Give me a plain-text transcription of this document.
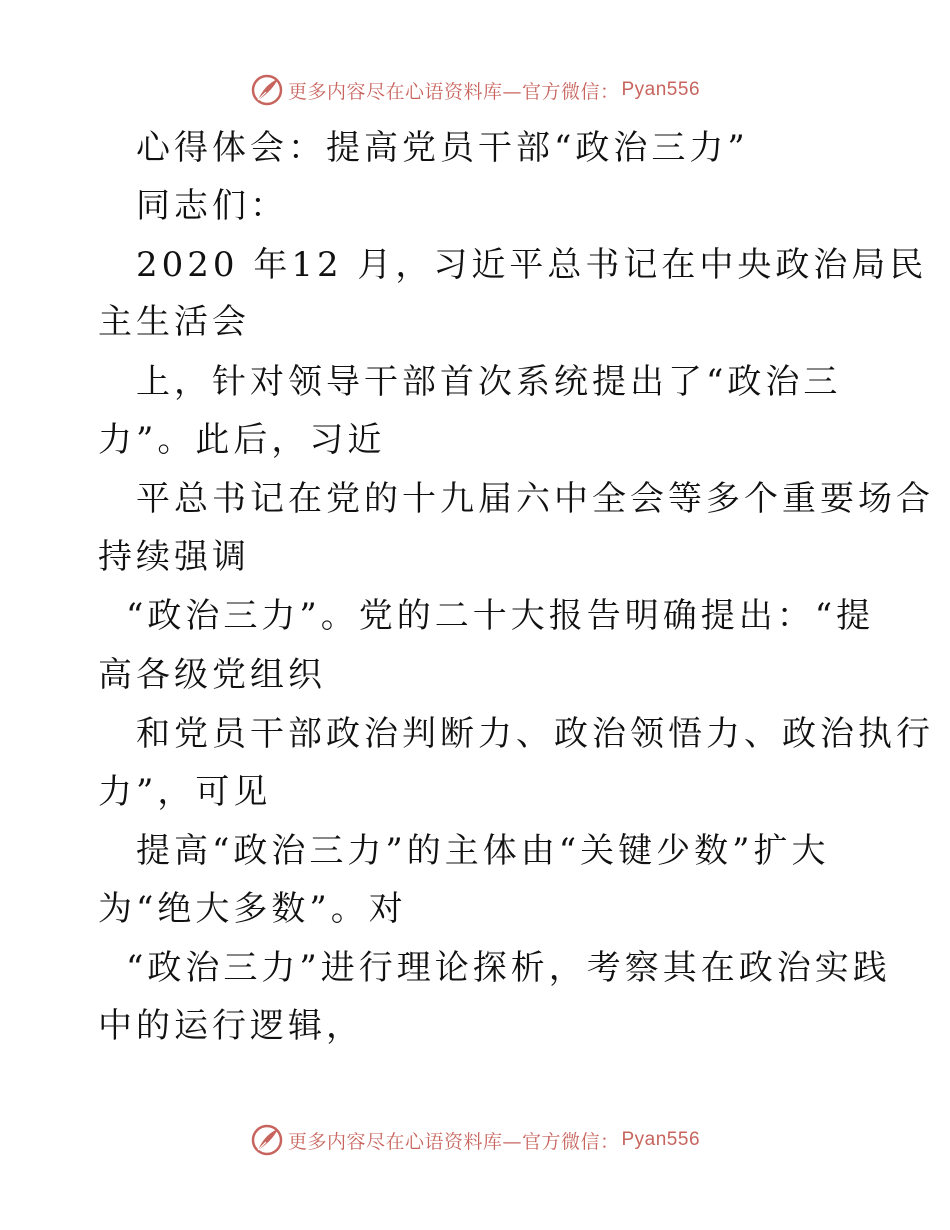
更多内容尽在心语资料库—官方微信： Pyan556
心得体会：提高党员干部“政治三力”
同志们：
2020 年12 月，习近平总书记在中央政治局民
主生活会
上，针对领导干部首次系统提出了“政治三
力”。此后，习近
平总书记在党的十九届六中全会等多个重要场合
持续强调
“政治三力”。党的二十大报告明确提出：“提
高各级党组织
和党员干部政治判断力、政治领悟力、政治执行
力”，可见
提高“政治三力”的主体由“关键少数”扩大
为“绝大多数”。对
“政治三力”进行理论探析，考察其在政治实践
中的运行逻辑，
更多内容尽在心语资料库—官方微信： Pyan556
